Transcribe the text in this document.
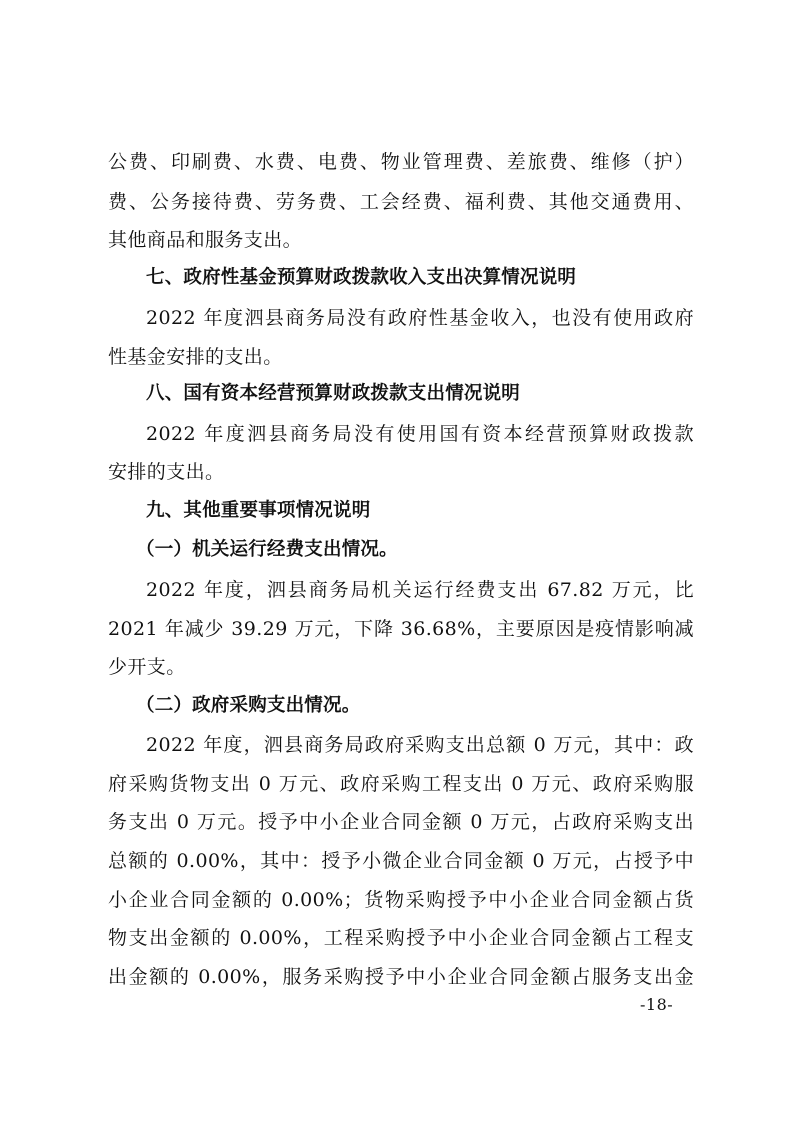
公费、印刷费、水费、电费、物业管理费、差旅费、维修（护）
费、公务接待费、劳务费、工会经费、福利费、其他交通费用、
其他商品和服务支出。
七、政府性基金预算财政拨款收入支出决算情况说明
2022 年度泗县商务局没有政府性基金收入，也没有使用政府
性基金安排的支出。
八、国有资本经营预算财政拨款支出情况说明
2022 年度泗县商务局没有使用国有资本经营预算财政拨款
安排的支出。
九、其他重要事项情况说明
（一）机关运行经费支出情况。
2022 年度，泗县商务局机关运行经费支出 67.82 万元，比
2021 年减少 39.29 万元，下降 36.68%，主要原因是疫情影响减
少开支。
（二）政府采购支出情况。
2022 年度，泗县商务局政府采购支出总额 0 万元，其中：政
府采购货物支出 0 万元、政府采购工程支出 0 万元、政府采购服
务支出 0 万元。授予中小企业合同金额 0 万元，占政府采购支出
总额的 0.00%，其中：授予小微企业合同金额 0 万元，占授予中
小企业合同金额的 0.00%；货物采购授予中小企业合同金额占货
物支出金额的 0.00%，工程采购授予中小企业合同金额占工程支
出金额的 0.00%，服务采购授予中小企业合同金额占服务支出金
-18-
